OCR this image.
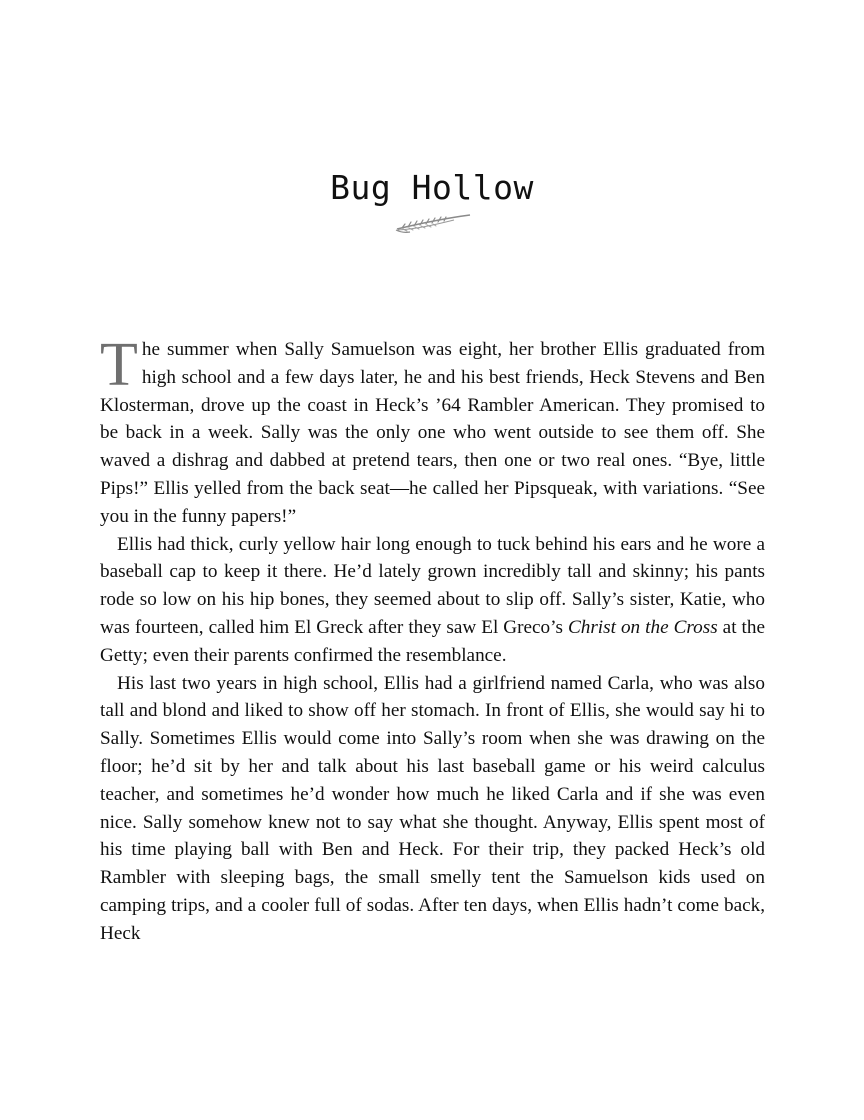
Bug Hollow

The summer when Sally Samuelson was eight, her brother Ellis graduated from high school and a few days later, he and his best friends, Heck Stevens and Ben Klosterman, drove up the coast in Heck’s ’64 Rambler American. They promised to be back in a week. Sally was the only one who went outside to see them off. She waved a dishrag and dabbed at pretend tears, then one or two real ones. “Bye, little Pips!” Ellis yelled from the back seat—he called her Pipsqueak, with variations. “See you in the funny papers!”

Ellis had thick, curly yellow hair long enough to tuck behind his ears and he wore a baseball cap to keep it there. He’d lately grown incredibly tall and skinny; his pants rode so low on his hip bones, they seemed about to slip off. Sally’s sister, Katie, who was fourteen, called him El Greck after they saw El Greco’s Christ on the Cross at the Getty; even their parents confirmed the resemblance.

His last two years in high school, Ellis had a girlfriend named Carla, who was also tall and blond and liked to show off her stomach. In front of Ellis, she would say hi to Sally. Sometimes Ellis would come into Sally’s room when she was drawing on the floor; he’d sit by her and talk about his last baseball game or his weird calculus teacher, and sometimes he’d wonder how much he liked Carla and if she was even nice. Sally somehow knew not to say what she thought. Anyway, Ellis spent most of his time playing ball with Ben and Heck. For their trip, they packed Heck’s old Rambler with sleeping bags, the small smelly tent the Samuelson kids used on camping trips, and a cooler full of sodas. After ten days, when Ellis hadn’t come back, Heck
